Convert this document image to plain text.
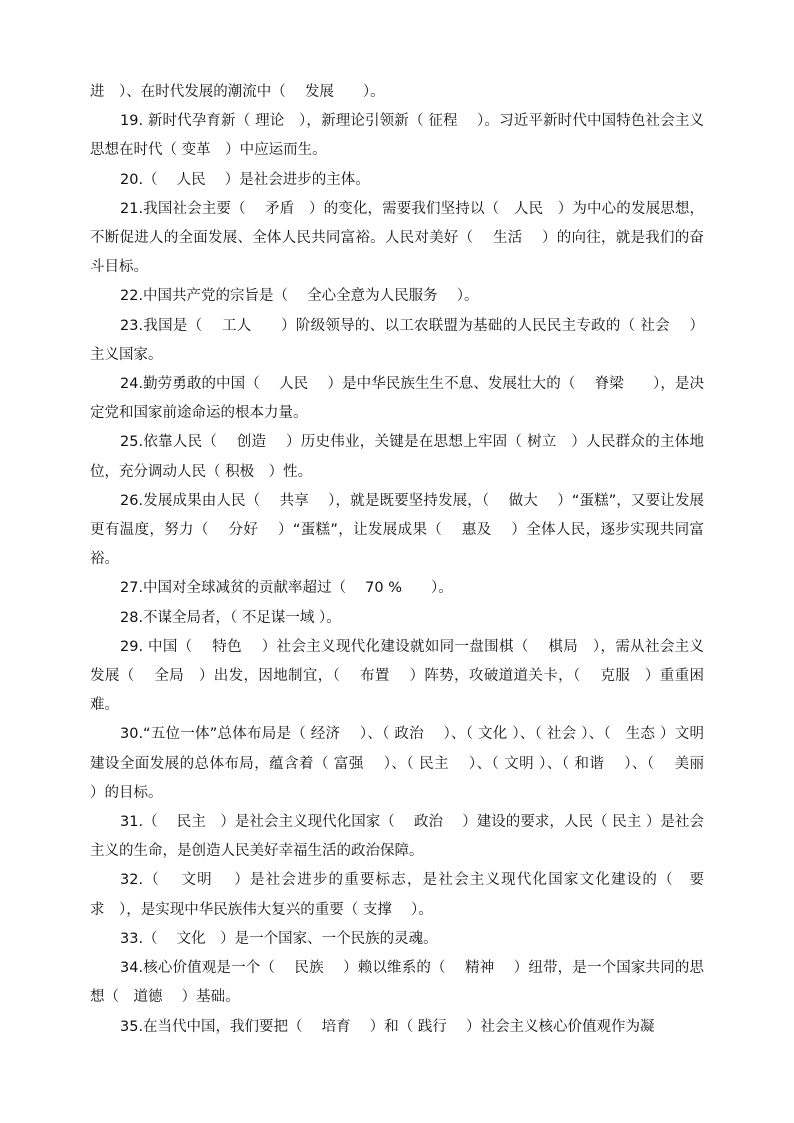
进　）、在时代发展的潮流中（　 发展　　）。

19. 新时代孕育新（ 理论　），新理论引领新（ 征程　 ）。习近平新时代中国特色社会主义思想在时代（ 变革　）中应运而生。

20.（　 人民　 ）是社会进步的主体。

21.我国社会主要（　 矛盾　）的变化，需要我们坚持以（　人民　）为中心的发展思想，不断促进人的全面发展、全体人民共同富裕。人民对美好（　 生活　 ）的向往，就是我们的奋斗目标。

22.中国共产党的宗旨是（　 全心全意为人民服务　 ）。

23.我国是（　 工人　　）阶级领导的、以工农联盟为基础的人民民主专政的（ 社会　 ）主义国家。

24.勤劳勇敢的中国（　 人民　 ）是中华民族生生不息、发展壮大的（　 脊梁　　），是决定党和国家前途命运的根本力量。

25.依靠人民（　 创造　 ）历史伟业，关键是在思想上牢固（ 树立　）人民群众的主体地位，充分调动人民（ 积极　）性。

26.发展成果由人民（　 共享　 ），就是既要坚持发展，（　 做大　 ）“蛋糕”，又要让发展更有温度，努力（　 分好　 ）“蛋糕”，让发展成果（　 惠及　 ）全体人民，逐步实现共同富裕。

27.中国对全球减贫的贡献率超过（　 70 %　　）。

28.不谋全局者，（ 不足谋一域 ）。

29. 中国（　 特色　 ）社会主义现代化建设就如同一盘围棋（　 棋局　），需从社会主义发展（　 全局　）出发，因地制宜，（　 布置　 ）阵势，攻破道道关卡，（　 克服　）重重困难。

30.“五位一体”总体布局是（ 经济　 ）、（ 政治　 ）、（ 文化 ）、（ 社会 ）、（　生态 ）文明建设全面发展的总体布局，蕴含着（ 富强　 ）、（ 民主　 ）、（ 文明 ）、（ 和谐　 ）、（　 美丽　 ）的目标。

31.（　 民主　）是社会主义现代化国家（　 政治　 ）建设的要求，人民（ 民主 ）是社会主义的生命，是创造人民美好幸福生活的政治保障。

32.（　 文明　 ）是社会进步的重要标志，是社会主义现代化国家文化建设的（　要求　），是实现中华民族伟大复兴的重要（ 支撑　 ）。

33.（　 文化　）是一个国家、一个民族的灵魂。

34.核心价值观是一个（　 民族　 ）赖以维系的（　 精神　 ）纽带，是一个国家共同的思想（　道德　 ）基础。

35.在当代中国，我们要把（　 培育　 ）和（ 践行　 ）社会主义核心价值观作为凝
